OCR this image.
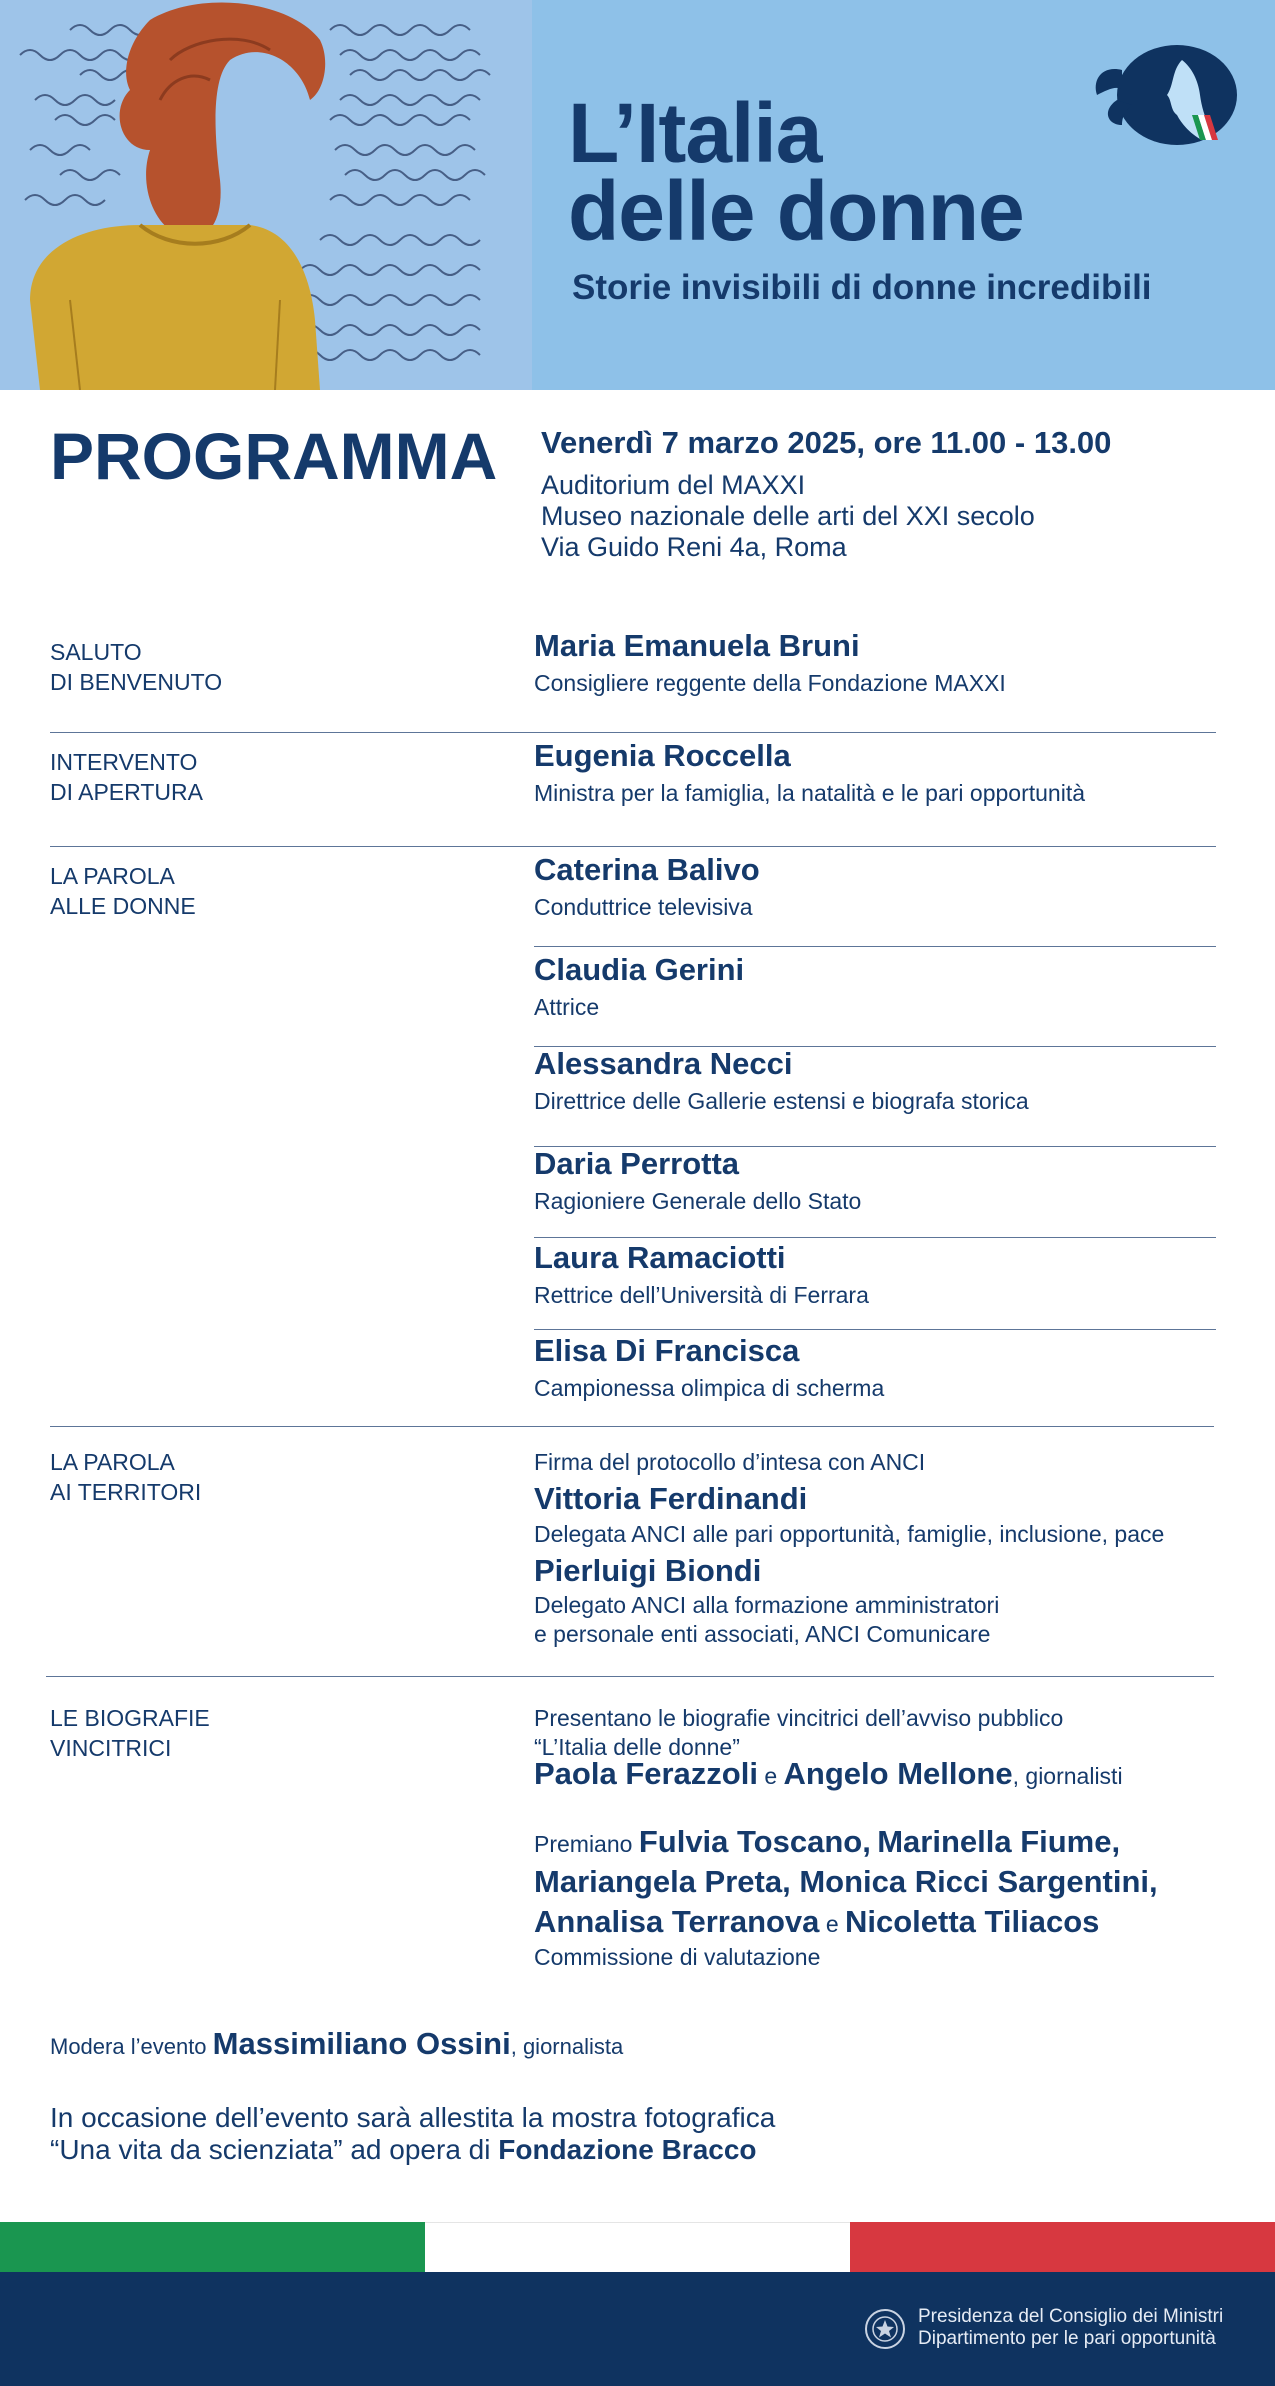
L’Italia
delle donne
Storie invisibili di donne incredibili
PROGRAMMA Venerdì 7 marzo 2025, ore 11.00 - 13.00
Auditorium del MAXXI
Museo nazionale delle arti del XXI secolo
Via Guido Reni 4a, Roma
SALUTO
DI BENVENUTO
Maria Emanuela Bruni
Consigliere reggente della Fondazione MAXXI
INTERVENTO
DI APERTURA
Eugenia Roccella
Ministra per la famiglia, la natalità e le pari opportunità
LA PAROLA
ALLE DONNE
Caterina Balivo
Conduttrice televisiva
Claudia Gerini
Attrice
Alessandra Necci
Direttrice delle Gallerie estensi e biografa storica
Daria Perrotta
Ragioniere Generale dello Stato
Laura Ramaciotti
Rettrice dell’Università di Ferrara
Elisa Di Francisca
Campionessa olimpica di scherma
LA PAROLA
AI TERRITORI
Firma del protocollo d’intesa con ANCI
Vittoria Ferdinandi
Delegata ANCI alle pari opportunità, famiglie, inclusione, pace
Pierluigi Biondi
Delegato ANCI alla formazione amministratori
e personale enti associati, ANCI Comunicare
LE BIOGRAFIE
VINCITRICI
Presentano le biografie vincitrici dell’avviso pubblico
“L’Italia delle donne”
Paola Ferazzoli e Angelo Mellone, giornalisti
Premiano Fulvia Toscano, Marinella Fiume,
Mariangela Preta, Monica Ricci Sargentini,
Annalisa Terranova e Nicoletta Tiliacos
Commissione di valutazione
Modera l’evento Massimiliano Ossini, giornalista
In occasione dell’evento sarà allestita la mostra fotografica
“Una vita da scienziata” ad opera di Fondazione Bracco
Presidenza del Consiglio dei Ministri
Dipartimento per le pari opportunità
